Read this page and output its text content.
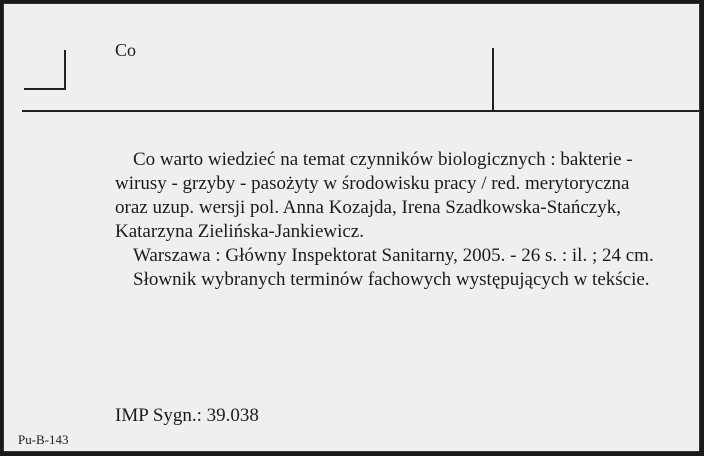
Co

Co warto wiedzieć na temat czynników biologicznych : bakterie - wirusy - grzyby - pasożyty w środowisku pracy / red. merytoryczna oraz uzup. wersji pol. Anna Kozajda, Irena Szadkowska-Stańczyk, Katarzyna Zielińska-Jankiewicz.

Warszawa : Główny Inspektorat Sanitarny, 2005. - 26 s. : il. ; 24 cm.

Słownik wybranych terminów fachowych występujących w tekście.

IMP Sygn.: 39.038
Pu-B-143
